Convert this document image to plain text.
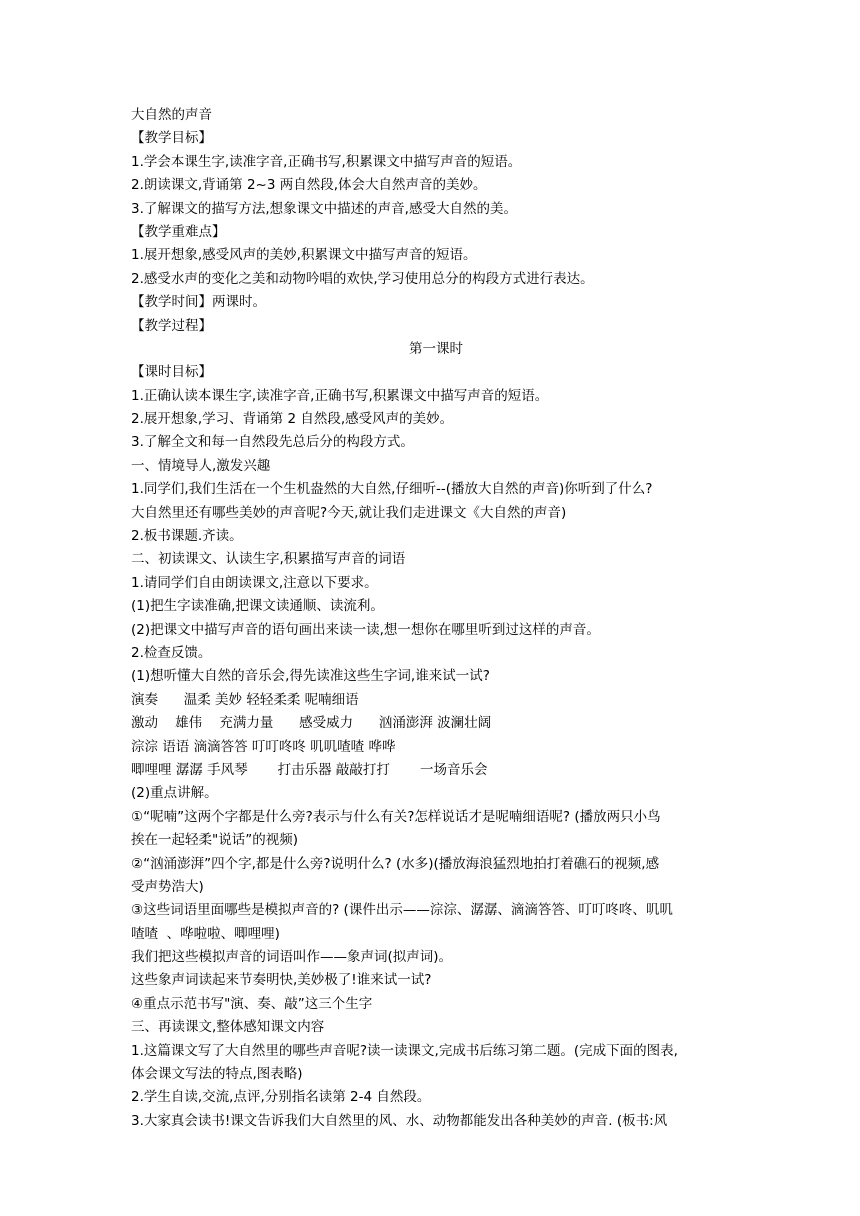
大自然的声音
【教学目标】
1.学会本课生字,读准字音,正确书写,积累课文中描写声音的短语。
2.朗读课文,背诵第 2~3 两自然段,体会大自然声音的美妙。
3.了解课文的描写方法,想象课文中描述的声音,感受大自然的美。
【教学重难点】
1.展开想象,感受风声的美妙,积累课文中描写声音的短语。
2.感受水声的变化之美和动物吟唱的欢快,学习使用总分的构段方式进行表达。
【教学时间】两课时。
【教学过程】
第一课时
【课时目标】
1.正确认读本课生字,读准字音,正确书写,积累课文中描写声音的短语。
2.展开想象,学习、背诵第 2 自然段,感受风声的美妙。
3.了解全文和每一自然段先总后分的构段方式。
一、情境导人,激发兴趣
1.同学们,我们生活在一个生机盎然的大自然,仔细听--(播放大自然的声音)你听到了什么?
大自然里还有哪些美妙的声音呢?今天,就让我们走进课文《大自然的声音)
2.板书课题.齐读。
二、初读课文、认读生字,积累描写声音的词语
1.请同学们自由朗读课文,注意以下要求。
(1)把生字读准确,把课文读通顺、读流利。
(2)把课文中描写声音的语句画出来读一读,想一想你在哪里听到过这样的声音。
2.检查反馈。
(1)想听懂大自然的音乐会,得先读准这些生字词,谁来试一试?
演奏      温柔 美妙 轻轻柔柔 呢喃细语
激动    雄伟    充满力量      感受威力      汹涌澎湃 波澜壮阔
淙淙 语语 滴滴答答 叮叮咚咚 叽叽喳喳 哗哗
唧哩哩 潺潺 手风琴       打击乐器 敲敲打打       一场音乐会
(2)重点讲解。
①“呢喃”这两个字都是什么旁?表示与什么有关?怎样说话才是呢喃细语呢? (播放两只小鸟
挨在一起轻柔"说话”的视频)
②“汹涌澎湃”四个字,都是什么旁?说明什么? (水多)(播放海浪猛烈地拍打着礁石的视频,感
受声势浩大)
③这些词语里面哪些是模拟声音的? (课件出示——淙淙、潺潺、滴滴答答、叮叮咚咚、叽叽
喳喳  、哗啦啦、唧哩哩)
我们把这些模拟声音的词语叫作——象声词(拟声词)。
这些象声词读起来节奏明快,美妙极了!谁来试一试?
④重点示范书写"演、奏、敲”这三个生字
三、再读课文,整体感知课文内容
1.这篇课文写了大自然里的哪些声音呢?读一读课文,完成书后练习第二题。(完成下面的图表,
体会课文写法的特点,图表略)
2.学生自读,交流,点评,分别指名读第 2-4 自然段。
3.大家真会读书!课文告诉我们大自然里的风、水、动物都能发出各种美妙的声音. (板书:风
